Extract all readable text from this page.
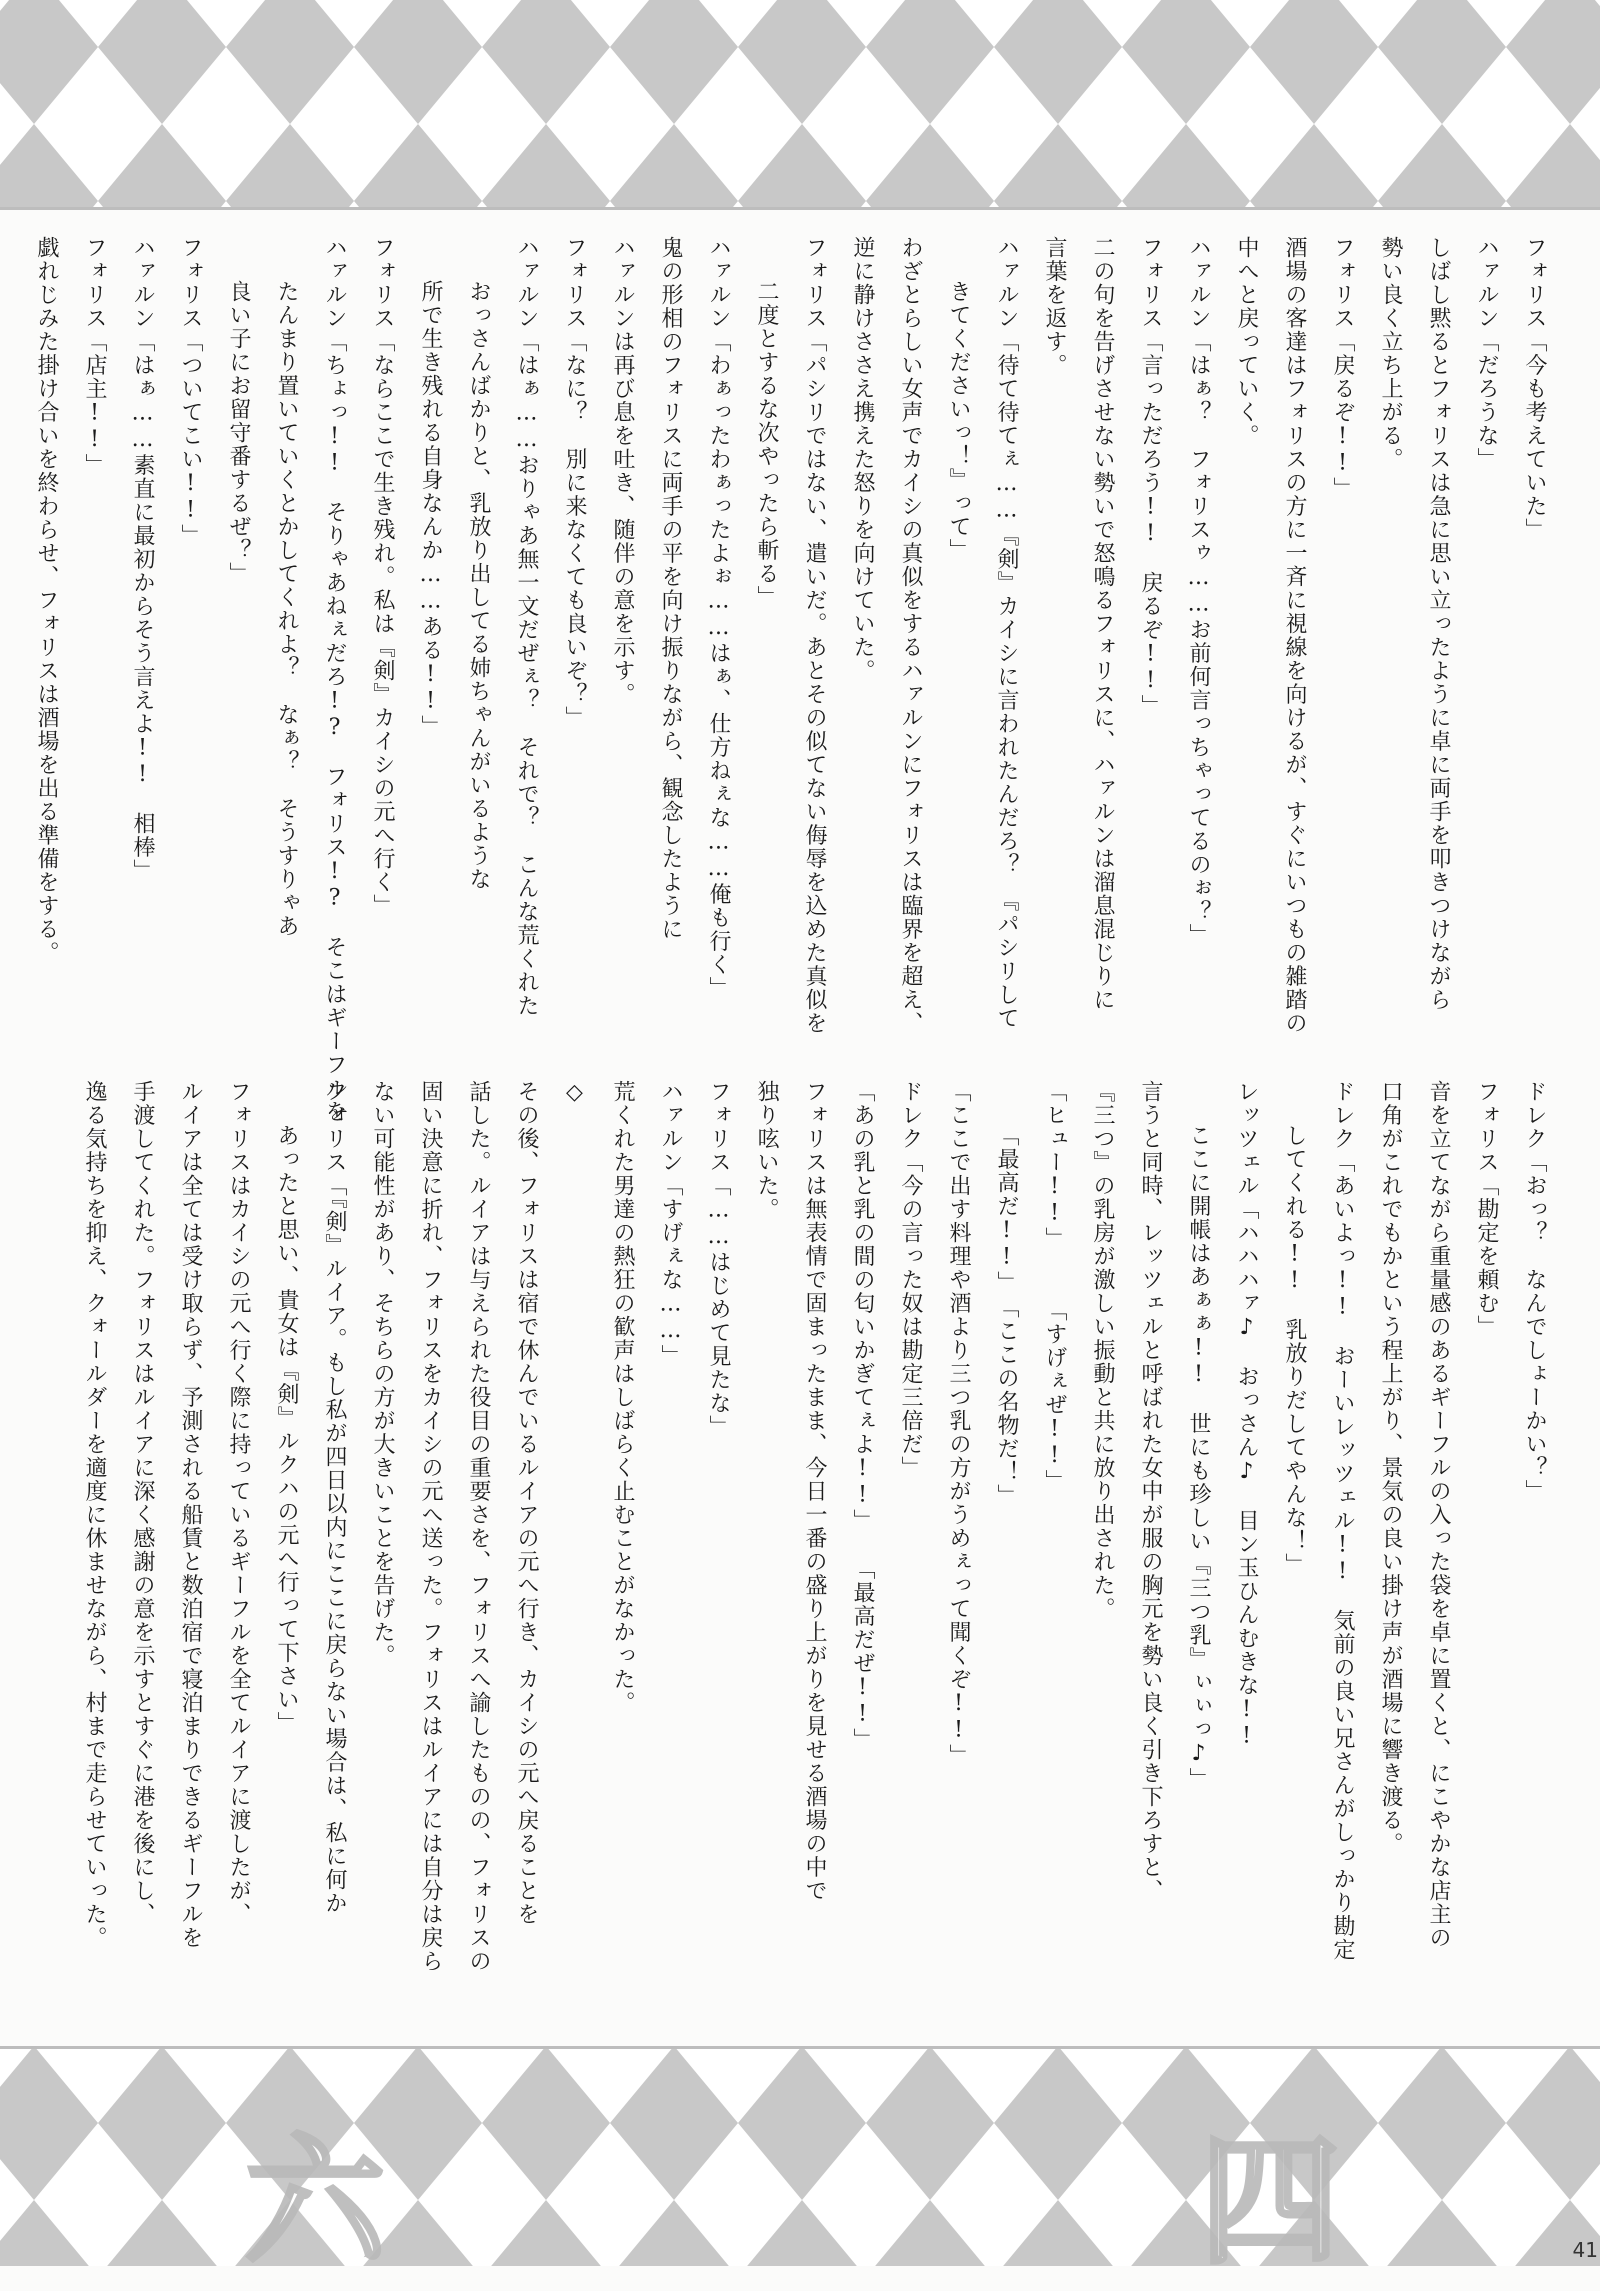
フォリス「今も考えていた」
ハァルン「だろうな」
しばし黙るとフォリスは急に思い立ったように卓に両手を叩きつけながら
勢い良く立ち上がる。
フォリス「戻るぞ!!」
酒場の客達はフォリスの方に一斉に視線を向けるが、すぐにいつもの雑踏の
中へと戻っていく。
ハァルン「はぁ？　フォリスゥ……お前何言っちゃってるのぉ？」
フォリス「言っただろう!!　戻るぞ!!」
二の句を告げさせない勢いで怒鳴るフォリスに、ハァルンは溜息混じりに
言葉を返す。
ハァルン「待て待てぇ……『剣』カイシに言われたんだろ？　『パシリして
きてくださいっ！』って」
わざとらしい女声でカイシの真似をするハァルンにフォリスは臨界を超え、
逆に静けささえ携えた怒りを向けていた。
フォリス「パシリではない、遣いだ。あとその似てない侮辱を込めた真似を
二度とするな次やったら斬る」
ハァルン「わぁったわぁったよぉ……はぁ、仕方ねぇな……俺も行く」
鬼の形相のフォリスに両手の平を向け振りながら、観念したように
ハァルンは再び息を吐き、随伴の意を示す。
フォリス「なに？　別に来なくても良いぞ？」
ハァルン「はぁ……おりゃあ無一文だぜぇ？　それで？　こんな荒くれた
おっさんばかりと、乳放り出してる姉ちゃんがいるような
所で生き残れる自身なんか……ある!!」
フォリス「ならここで生き残れ。私は『剣』カイシの元へ行く」
ハァルン「ちょっ!!　そりゃあねぇだろ!?　フォリス!?　そこはギーフルを
たんまり置いていくとかしてくれよ？　なぁ？　そうすりゃあ
良い子にお留守番するぜ？」
フォリス「ついてこい!!」
ハァルン「はぁ……素直に最初からそう言えよ!!　相棒」
フォリス「店主!!」
戯れじみた掛け合いを終わらせ、フォリスは酒場を出る準備をする。
ドレク「おっ？　なんでしょーかい？」
フォリス「勘定を頼む」
音を立てながら重量感のあるギーフルの入った袋を卓に置くと、にこやかな店主の
口角がこれでもかという程上がり、景気の良い掛け声が酒場に響き渡る。
ドレク「あいよっ!!　おーいレッツェル!!　気前の良い兄さんがしっかり勘定
してくれる!!　乳放りだしてやんな！」
レッツェル「ハハハァ♪　おっさん♪　目ン玉ひんむきな!!
ここに開帳はあぁぁ!!　世にも珍しい『三つ乳』ぃぃっ♪」
言うと同時、レッツェルと呼ばれた女中が服の胸元を勢い良く引き下ろすと、
『三つ』の乳房が激しい振動と共に放り出された。
「ヒュー!!」　　　「すげぇぜ!!」
「最高だ!!」　「ここの名物だ！」
「ここで出す料理や酒より三つ乳の方がうめぇって聞くぞ!!」
ドレク「今の言った奴は勘定三倍だ」
「あの乳と乳の間の匂いかぎてぇよ!!」　　「最高だぜ!!」
フォリスは無表情で固まったまま、今日一番の盛り上がりを見せる酒場の中で
独り呟いた。
フォリス「……はじめて見たな」
ハァルン「すげぇな……」
荒くれた男達の熱狂の歓声はしばらく止むことがなかった。
◇
その後、フォリスは宿で休んでいるルイアの元へ行き、カイシの元へ戻ることを
話した。ルイアは与えられた役目の重要さを、フォリスへ諭したものの、フォリスの
固い決意に折れ、フォリスをカイシの元へ送った。フォリスはルイアには自分は戻ら
ない可能性があり、そちらの方が大きいことを告げた。
フォリス「『剣』ルイア。もし私が四日以内にここに戻らない場合は、私に何か
あったと思い、貴女は『剣』ルクハの元へ行って下さい」
フォリスはカイシの元へ行く際に持っているギーフルを全てルイアに渡したが、
ルイアは全ては受け取らず、予測される船賃と数泊宿で寝泊まりできるギーフルを
手渡してくれた。フォリスはルイアに深く感謝の意を示すとすぐに港を後にし、
逸る気持ちを抑え、クォールダーを適度に休ませながら、村まで走らせていった。
六	四	41
